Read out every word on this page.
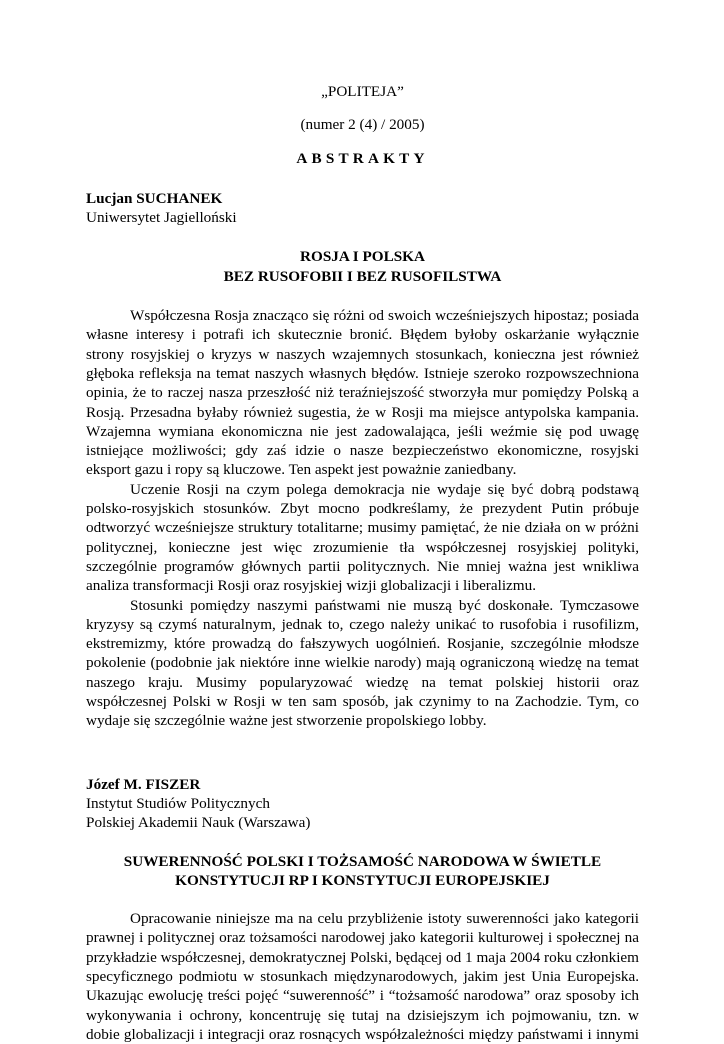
„POLITEJA”
(numer 2 (4) / 2005)
ABSTRAKTY
Lucjan SUCHANEK
Uniwersytet Jagielloński
ROSJA I POLSKA
BEZ RUSOFOBII I BEZ RUSOFILSTWA

Współczesna Rosja znacząco się różni od swoich wcześniejszych hipostaz; posiada własne interesy i potrafi ich skutecznie bronić. Błędem byłoby oskarżanie wyłącznie strony rosyjskiej o kryzys w naszych wzajemnych stosunkach, konieczna jest również głęboka refleksja na temat naszych własnych błędów. Istnieje szeroko rozpowszechniona opinia, że to raczej nasza przeszłość niż teraźniejszość stworzyła mur pomiędzy Polską a Rosją. Przesadna byłaby również sugestia, że w Rosji ma miejsce antypolska kampania. Wzajemna wymiana ekonomiczna nie jest zadowalająca, jeśli weźmie się pod uwagę istniejące możliwości; gdy zaś idzie o nasze bezpieczeństwo ekonomiczne, rosyjski eksport gazu i ropy są kluczowe. Ten aspekt jest poważnie zaniedbany.

Uczenie Rosji na czym polega demokracja nie wydaje się być dobrą podstawą polsko-rosyjskich stosunków. Zbyt mocno podkreślamy, że prezydent Putin próbuje odtworzyć wcześniejsze struktury totalitarne; musimy pamiętać, że nie działa on w próżni politycznej, konieczne jest więc zrozumienie tła współczesnej rosyjskiej polityki, szczególnie programów głównych partii politycznych. Nie mniej ważna jest wnikliwa analiza transformacji Rosji oraz rosyjskiej wizji globalizacji i liberalizmu.

Stosunki pomiędzy naszymi państwami nie muszą być doskonałe. Tymczasowe kryzysy są czymś naturalnym, jednak to, czego należy unikać to rusofobia i rusofilizm, ekstremizmy, które prowadzą do fałszywych uogólnień. Rosjanie, szczególnie młodsze pokolenie (podobnie jak niektóre inne wielkie narody) mają ograniczoną wiedzę na temat naszego kraju. Musimy popularyzować wiedzę na temat polskiej historii oraz współczesnej Polski w Rosji w ten sam sposób, jak czynimy to na Zachodzie. Tym, co wydaje się szczególnie ważne jest stworzenie propolskiego lobby.

Józef M. FISZER
Instytut Studiów Politycznych
Polskiej Akademii Nauk (Warszawa)
SUWERENNOŚĆ POLSKI I TOŻSAMOŚĆ NARODOWA W ŚWIETLE
KONSTYTUCJI RP I KONSTYTUCJI EUROPEJSKIEJ

Opracowanie niniejsze ma na celu przybliżenie istoty suwerenności jako kategorii prawnej i politycznej oraz tożsamości narodowej jako kategorii kulturowej i społecznej na przykładzie współczesnej, demokratycznej Polski, będącej od 1 maja 2004 roku członkiem specyficznego podmiotu w stosunkach międzynarodowych, jakim jest Unia Europejska. Ukazując ewolucję treści pojęć “suwerenność” i “tożsamość narodowa” oraz sposoby ich wykonywania i ochrony, koncentruję się tutaj na dzisiejszym ich pojmowaniu, tzn. w dobie globalizacji i integracji oraz rosnących współzależności między państwami i innymi
